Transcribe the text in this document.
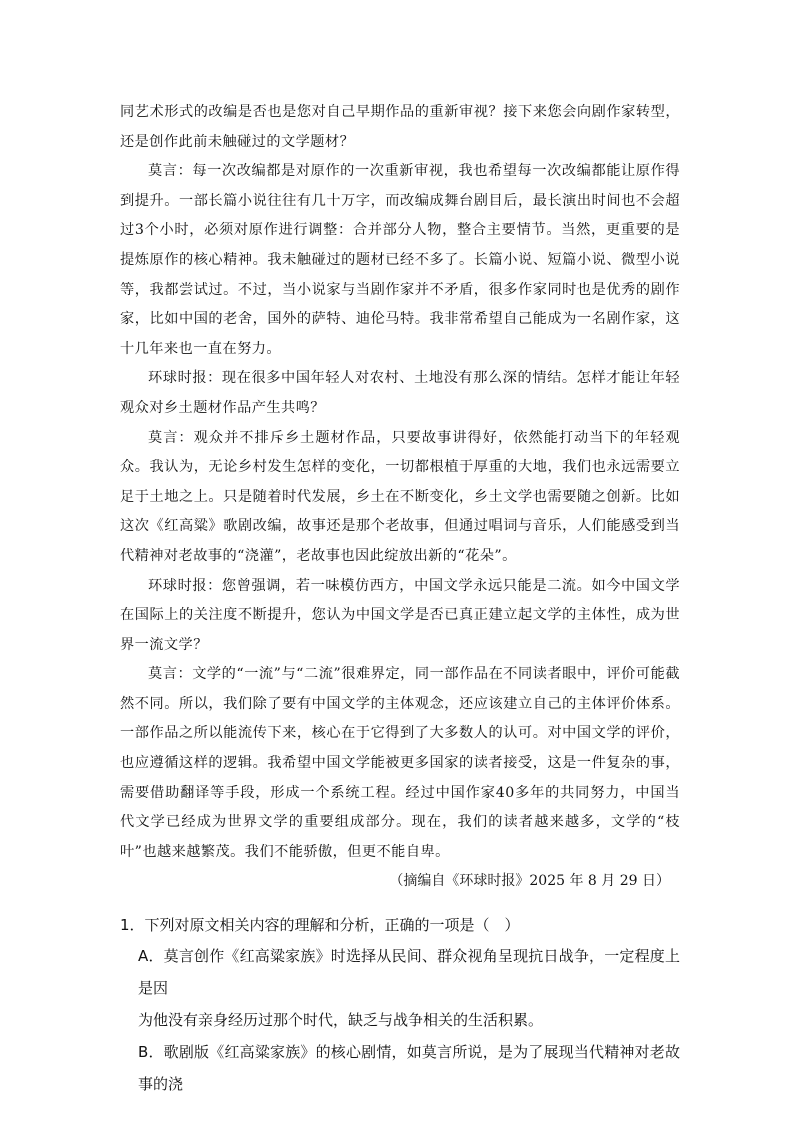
同艺术形式的改编是否也是您对自己早期作品的重新审视？接下来您会向剧作家转型，还是创作此前未触碰过的文学题材？

莫言：每一次改编都是对原作的一次重新审视，我也希望每一次改编都能让原作得到提升。一部长篇小说往往有几十万字，而改编成舞台剧目后，最长演出时间也不会超过3个小时，必须对原作进行调整：合并部分人物，整合主要情节。当然，更重要的是提炼原作的核心精神。我未触碰过的题材已经不多了。长篇小说、短篇小说、微型小说等，我都尝试过。不过，当小说家与当剧作家并不矛盾，很多作家同时也是优秀的剧作家，比如中国的老舍，国外的萨特、迪伦马特。我非常希望自己能成为一名剧作家，这十几年来也一直在努力。

环球时报：现在很多中国年轻人对农村、土地没有那么深的情结。怎样才能让年轻观众对乡土题材作品产生共鸣？

莫言：观众并不排斥乡土题材作品，只要故事讲得好，依然能打动当下的年轻观众。我认为，无论乡村发生怎样的变化，一切都根植于厚重的大地，我们也永远需要立足于土地之上。只是随着时代发展，乡土在不断变化，乡土文学也需要随之创新。比如这次《红高粱》歌剧改编，故事还是那个老故事，但通过唱词与音乐，人们能感受到当代精神对老故事的“浇灌”，老故事也因此绽放出新的“花朵”。

环球时报：您曾强调，若一味模仿西方，中国文学永远只能是二流。如今中国文学在国际上的关注度不断提升，您认为中国文学是否已真正建立起文学的主体性，成为世界一流文学？

莫言：文学的“一流”与“二流”很难界定，同一部作品在不同读者眼中，评价可能截然不同。所以，我们除了要有中国文学的主体观念，还应该建立自己的主体评价体系。一部作品之所以能流传下来，核心在于它得到了大多数人的认可。对中国文学的评价，也应遵循这样的逻辑。我希望中国文学能被更多国家的读者接受，这是一件复杂的事，需要借助翻译等手段，形成一个系统工程。经过中国作家40多年的共同努力，中国当代文学已经成为世界文学的重要组成部分。现在，我们的读者越来越多，文学的“枝叶”也越来越繁茂。我们不能骄傲，但更不能自卑。

（摘编自《环球时报》2025 年 8 月 29 日）

1．下列对原文相关内容的理解和分析，正确的一项是（　）

A．莫言创作《红高粱家族》时选择从民间、群众视角呈现抗日战争，一定程度上是因
为他没有亲身经历过那个时代，缺乏与战争相关的生活积累。

B．歌剧版《红高粱家族》的核心剧情，如莫言所说，是为了展现当代精神对老故事的浇
